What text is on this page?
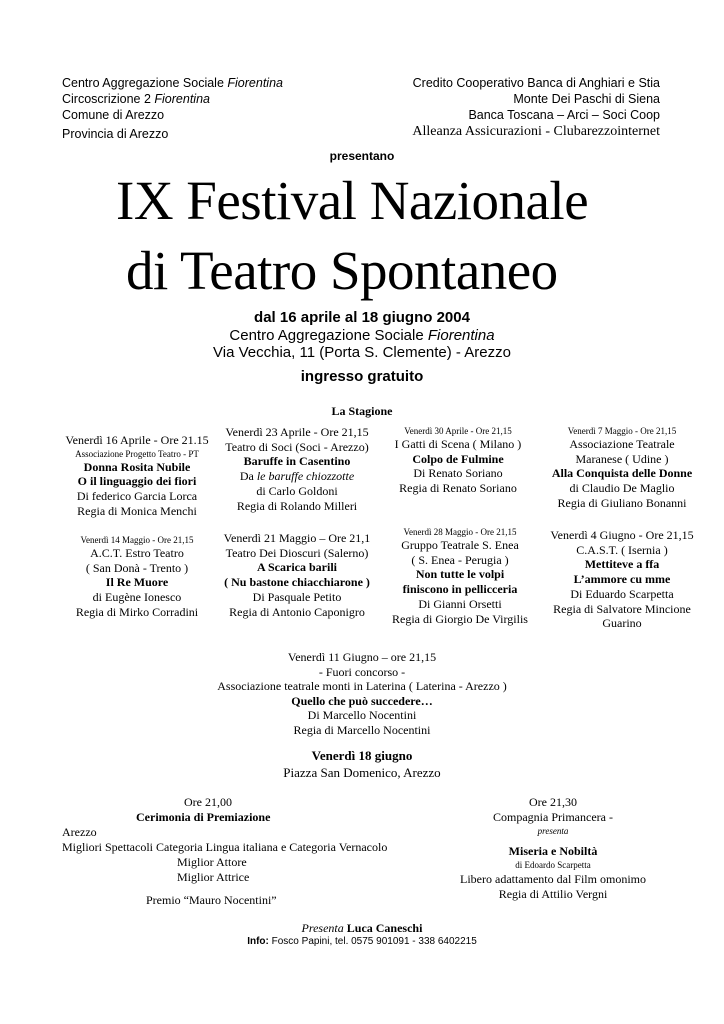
Centro Aggregazione Sociale Fiorentina
Circoscrizione 2 Fiorentina
Comune di Arezzo
Provincia di Arezzo
Credito Cooperativo Banca di Anghiari e Stia
Monte Dei Paschi di Siena
Banca Toscana – Arci – Soci Coop
Alleanza Assicurazioni - Clubarezzointernet
presentano
IX Festival Nazionale
di Teatro Spontaneo
dal 16 aprile al 18 giugno 2004
Centro Aggregazione Sociale Fiorentina
Via Vecchia, 11 (Porta S. Clemente) - Arezzo
ingresso gratuito
La Stagione
Venerdì 16 Aprile - Ore 21.15
Associazione Progetto Teatro - PT
Donna Rosita Nubile
O il linguaggio dei fiori
Di federico Garcia Lorca
Regia di Monica Menchi
Venerdì 23 Aprile - Ore 21,15
Teatro di Soci (Soci - Arezzo)
Baruffe in Casentino
Da le baruffe chiozzotte
di Carlo Goldoni
Regia di Rolando Milleri
Venerdì 30 Aprile - Ore 21,15
I Gatti di Scena ( Milano )
Colpo de Fulmine
Di Renato Soriano
Regia di Renato Soriano
Venerdì 7 Maggio - Ore 21,15
Associazione Teatrale
Maranese ( Udine )
Alla Conquista delle Donne
di Claudio De Maglio
Regia di Giuliano Bonanni
Venerdì 14 Maggio - Ore 21,15
A.C.T. Estro Teatro
( San Donà - Trento )
Il Re Muore
di Eugène Ionesco
Regia di Mirko Corradini
Venerdì 21 Maggio – Ore 21,1
Teatro Dei Dioscuri (Salerno)
A Scarica barili
( Nu bastone chiacchiarone )
Di Pasquale Petito
Regia di Antonio Caponigro
Venerdì 28 Maggio - Ore 21,15
Gruppo Teatrale S. Enea
( S. Enea - Perugia )
Non tutte le volpi
finiscono in pellicceria
Di Gianni Orsetti
Regia di Giorgio De Virgilis
Venerdì 4 Giugno - Ore 21,15
C.A.S.T. ( Isernia )
Mettiteve a ffa
L’ammore cu mme
Di Eduardo Scarpetta
Regia di Salvatore Mincione
Guarino
Venerdì 11 Giugno – ore 21,15
- Fuori concorso -
Associazione teatrale monti in Laterina ( Laterina - Arezzo )
Quello che può succedere…
Di Marcello Nocentini
Regia di Marcello Nocentini
Venerdì 18 giugno
Piazza San Domenico, Arezzo
Ore 21,00
Cerimonia di Premiazione
Arezzo
Migliori Spettacoli Categoria Lingua italiana e Categoria Vernacolo
Miglior Attore
Miglior Attrice
Premio “Mauro Nocentini”
Ore 21,30
Compagnia Primancera -
presenta
Miseria e Nobiltà
di Edoardo Scarpetta
Libero adattamento dal Film omonimo
Regia di Attilio Vergni
Presenta Luca Caneschi
Info: Fosco Papini, tel. 0575 901091 - 338 6402215
